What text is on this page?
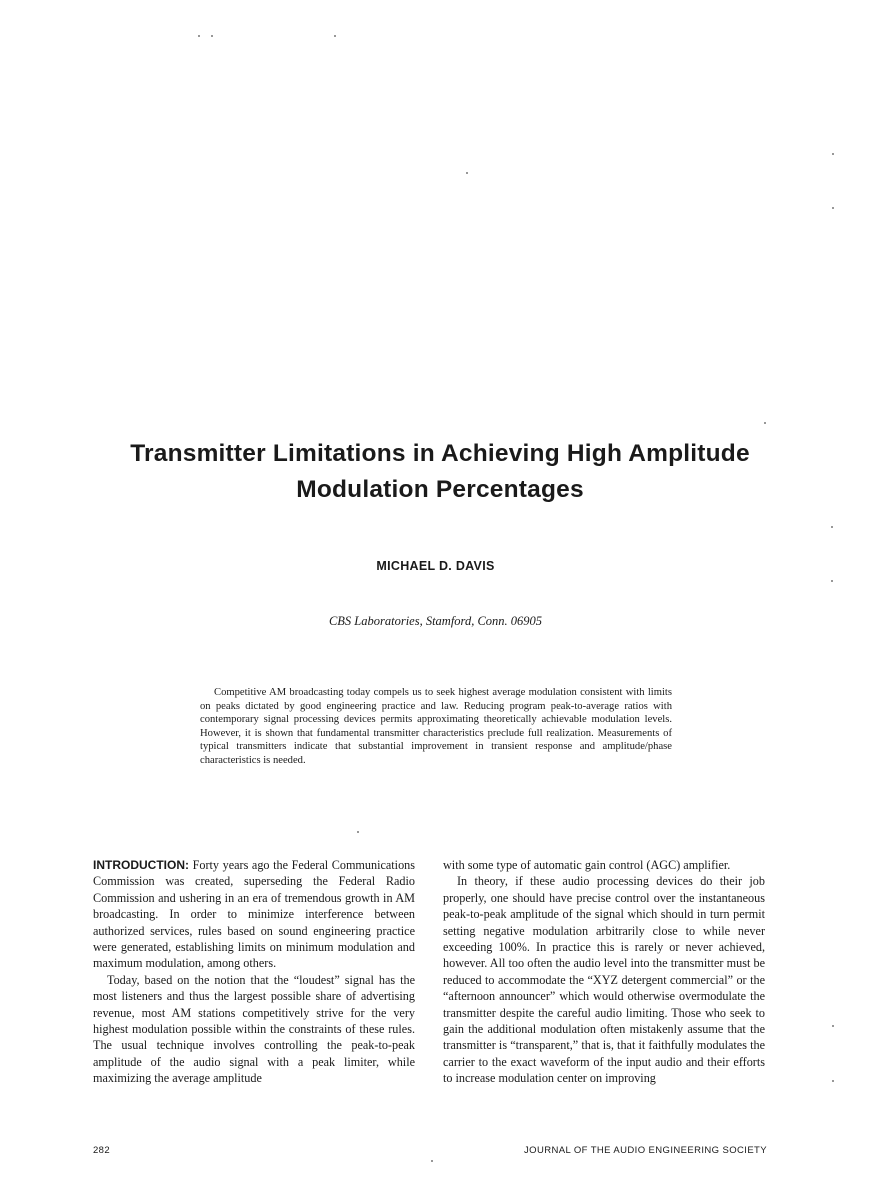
Transmitter Limitations in Achieving High Amplitude
Modulation Percentages
MICHAEL D. DAVIS
CBS Laboratories, Stamford, Conn. 06905
Competitive AM broadcasting today compels us to seek highest average modulation consistent with limits on peaks dictated by good engineering practice and law. Reducing program peak-to-average ratios with contemporary signal processing devices permits approximating theoretically achievable modulation levels. However, it is shown that fundamental transmitter characteristics preclude full realization. Measurements of typical transmitters indicate that substantial improvement in transient response and amplitude/phase characteristics is needed.

INTRODUCTION: Forty years ago the Federal Communications Commission was created, superseding the Federal Radio Commission and ushering in an era of tremendous growth in AM broadcasting. In order to minimize interference between authorized services, rules based on sound engineering practice were generated, establishing limits on minimum modulation and maximum modulation, among others.

Today, based on the notion that the “loudest” signal has the most listeners and thus the largest possible share of advertising revenue, most AM stations competitively strive for the very highest modulation possible within the constraints of these rules. The usual technique involves controlling the peak-to-peak amplitude of the audio signal with a peak limiter, while maximizing the average amplitude

with some type of automatic gain control (AGC) amplifier.

In theory, if these audio processing devices do their job properly, one should have precise control over the instantaneous peak-to-peak amplitude of the signal which should in turn permit setting negative modulation arbitrarily close to while never exceeding 100%. In practice this is rarely or never achieved, however. All too often the audio level into the transmitter must be reduced to accommodate the “XYZ detergent commercial” or the “afternoon announcer” which would otherwise overmodulate the transmitter despite the careful audio limiting. Those who seek to gain the additional modulation often mistakenly assume that the transmitter is “transparent,” that is, that it faithfully modulates the carrier to the exact waveform of the input audio and their efforts to increase modulation center on improving

282	JOURNAL OF THE AUDIO ENGINEERING SOCIETY
